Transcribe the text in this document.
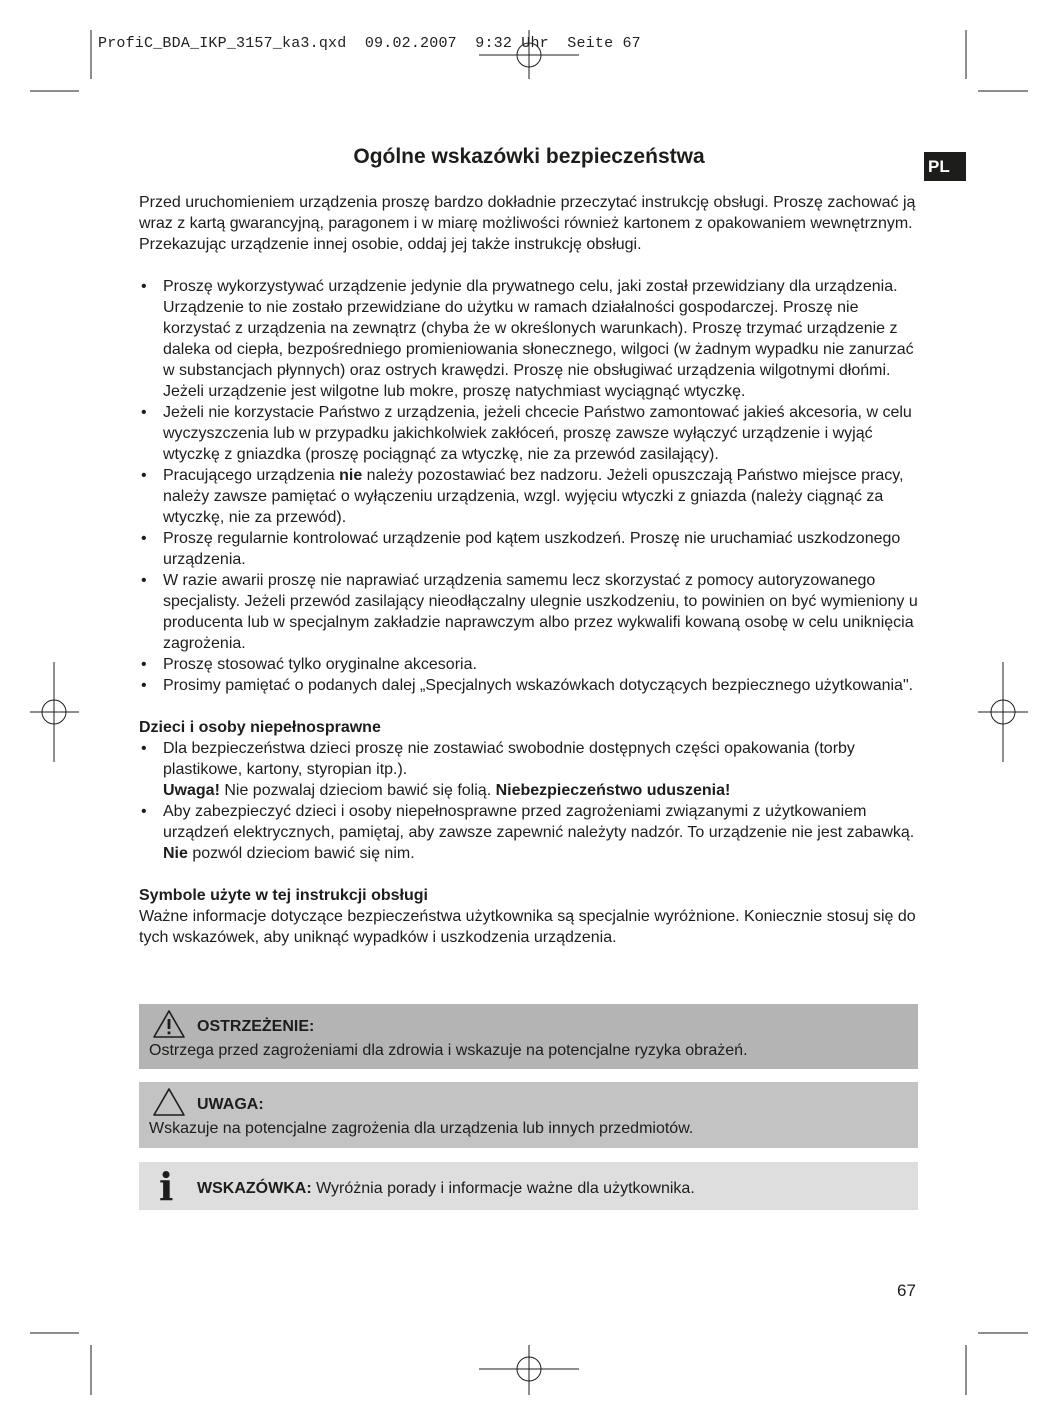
ProfiC_BDA_IKP_3157_ka3.qxd  09.02.2007  9:32 Uhr  Seite 67
Ogólne wskazówki bezpieczeństwa	PL

Przed uruchomieniem urządzenia proszę bardzo dokładnie przeczytać instrukcję obsługi. Proszę zachować ją wraz z kartą gwarancyjną, paragonem i w miarę możliwości również kartonem z opakowaniem wewnętrznym. Przekazując urządzenie innej osobie, oddaj jej także instrukcję obsługi.

• Proszę wykorzystywać urządzenie jedynie dla prywatnego celu, jaki został przewidziany dla urządzenia. Urządzenie to nie zostało przewidziane do użytku w ramach działalności gospodarczej. Proszę nie korzystać z urządzenia na zewnątrz (chyba że w określonych warunkach). Proszę trzymać urządzenie z daleka od ciepła, bezpośredniego promieniowania słonecznego, wilgoci (w żadnym wypadku nie zanurzać w substancjach płynnych) oraz ostrych krawędzi. Proszę nie obsługiwać urządzenia wilgotnymi dłońmi. Jeżeli urządzenie jest wilgotne lub mokre, proszę natychmiast wyciągnąć wtyczkę.
• Jeżeli nie korzystacie Państwo z urządzenia, jeżeli chcecie Państwo zamontować jakieś akcesoria, w celu wyczyszczenia lub w przypadku jakichkolwiek zakłóceń, proszę zawsze wyłączyć urządzenie i wyjąć wtyczkę z gniazdka (proszę pociągnąć za wtyczkę, nie za przewód zasilający).
• Pracującego urządzenia nie należy pozostawiać bez nadzoru. Jeżeli opuszczają Państwo miejsce pracy, należy zawsze pamiętać o wyłączeniu urządzenia, wzgl. wyjęciu wtyczki z gniazda (należy ciągnąć za wtyczkę, nie za przewód).
• Proszę regularnie kontrolować urządzenie pod kątem uszkodzeń. Proszę nie uruchamiać uszkodzonego urządzenia.
• W razie awarii proszę nie naprawiać urządzenia samemu lecz skorzystać z pomocy autoryzowanego specjalisty. Jeżeli przewód zasilający nieodłączalny ulegnie uszkodzeniu, to powinien on być wymieniony u producenta lub w specjalnym zakładzie naprawczym albo przez wykwalifi kowaną osobę w celu uniknięcia zagrożenia.
• Proszę stosować tylko oryginalne akcesoria.
• Prosimy pamiętać o podanych dalej „Specjalnych wskazówkach dotyczących bezpiecznego użytkowania".

Dzieci i osoby niepełnosprawne

• Dla bezpieczeństwa dzieci proszę nie zostawiać swobodnie dostępnych części opakowania (torby plastikowe, kartony, styropian itp.).
Uwaga! Nie pozwalaj dzieciom bawić się folią. Niebezpieczeństwo uduszenia!
• Aby zabezpieczyć dzieci i osoby niepełnosprawne przed zagrożeniami związanymi z użytkowaniem urządzeń elektrycznych, pamiętaj, aby zawsze zapewnić należyty nadzór. To urządzenie nie jest zabawką. Nie pozwól dzieciom bawić się nim.

Symbole użyte w tej instrukcji obsługi

Ważne informacje dotyczące bezpieczeństwa użytkownika są specjalnie wyróżnione. Koniecznie stosuj się do tych wskazówek, aby uniknąć wypadków i uszkodzenia urządzenia.

OSTRZEŻENIE:
Ostrzega przed zagrożeniami dla zdrowia i wskazuje na potencjalne ryzyka obrażeń.
UWAGA:
Wskazuje na potencjalne zagrożenia dla urządzenia lub innych przedmiotów.
i WSKAZÓWKA: Wyróżnia porady i informacje ważne dla użytkownika.
67
